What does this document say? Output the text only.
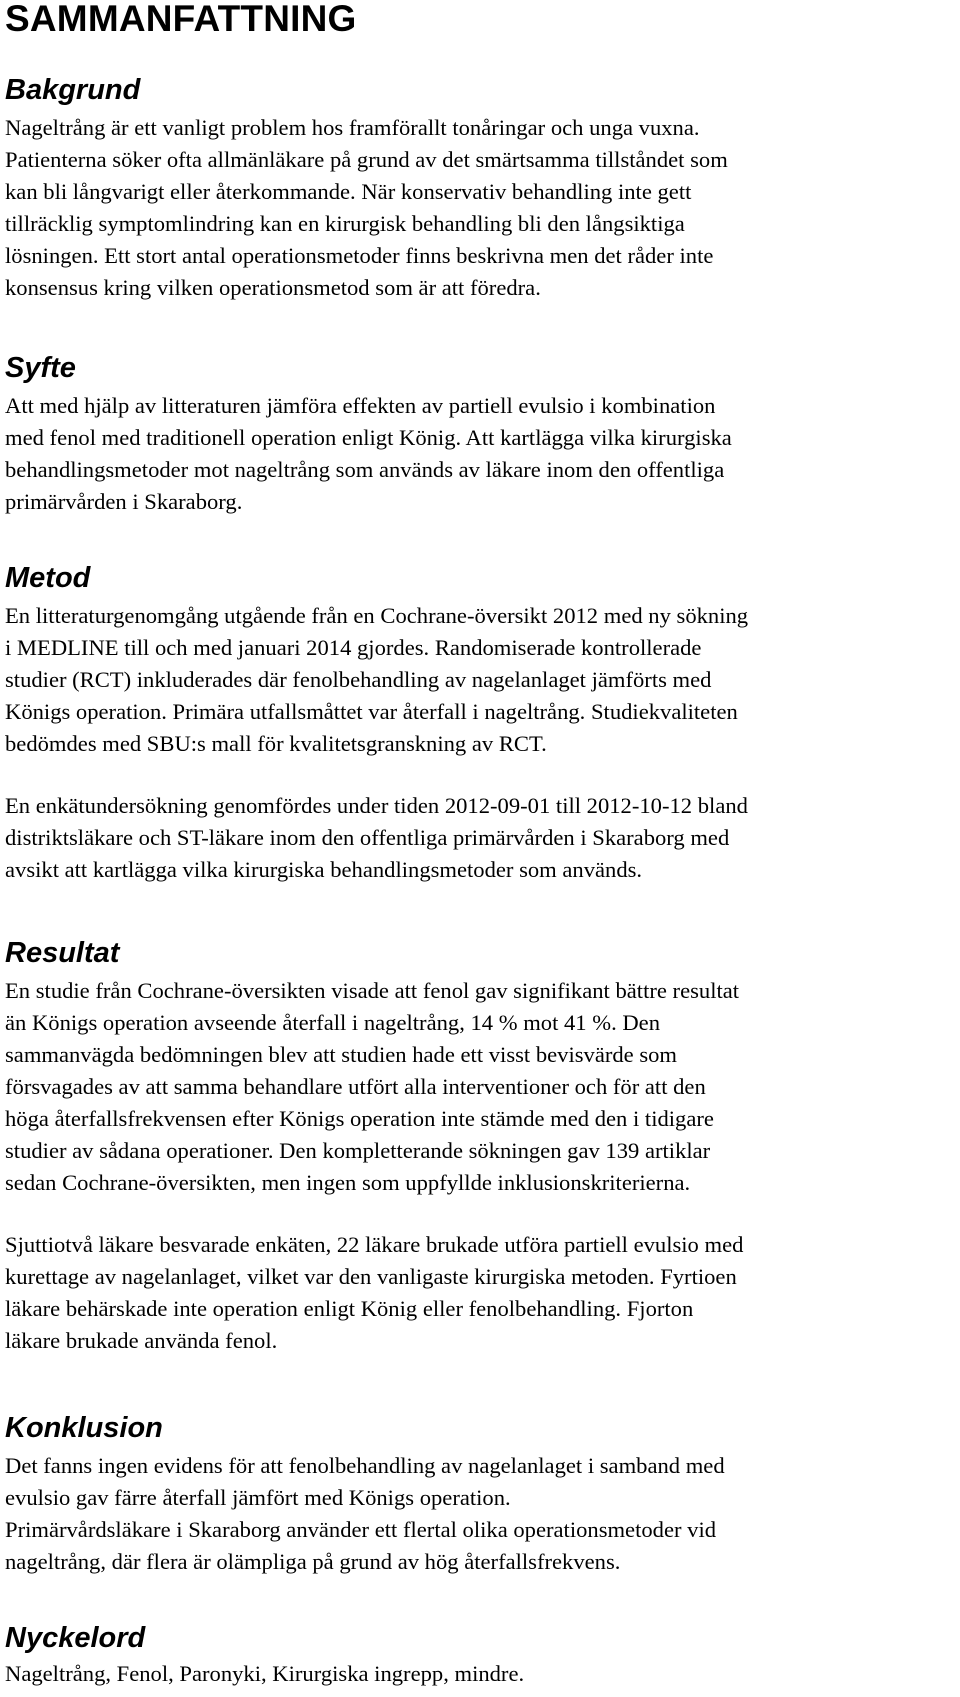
SAMMANFATTNING
Bakgrund

Nageltrång är ett vanligt problem hos framförallt tonåringar och unga vuxna.
Patienterna söker ofta allmänläkare på grund av det smärtsamma tillståndet som
kan bli långvarigt eller återkommande. När konservativ behandling inte gett
tillräcklig symptomlindring kan en kirurgisk behandling bli den långsiktiga
lösningen. Ett stort antal operationsmetoder finns beskrivna men det råder inte
konsensus kring vilken operationsmetod som är att föredra.

Syfte

Att med hjälp av litteraturen jämföra effekten av partiell evulsio i kombination
med fenol med traditionell operation enligt König. Att kartlägga vilka kirurgiska
behandlingsmetoder mot nageltrång som används av läkare inom den offentliga
primärvården i Skaraborg.

Metod

En litteraturgenomgång utgående från en Cochrane-översikt 2012 med ny sökning
i MEDLINE till och med januari 2014 gjordes. Randomiserade kontrollerade
studier (RCT) inkluderades där fenolbehandling av nagelanlaget jämförts med
Königs operation. Primära utfallsmåttet var återfall i nageltrång. Studiekvaliteten
bedömdes med SBU:s mall för kvalitetsgranskning av RCT.

En enkätundersökning genomfördes under tiden 2012-09-01 till 2012-10-12 bland
distriktsläkare och ST-läkare inom den offentliga primärvården i Skaraborg med
avsikt att kartlägga vilka kirurgiska behandlingsmetoder som används.

Resultat

En studie från Cochrane-översikten visade att fenol gav signifikant bättre resultat
än Königs operation avseende återfall i nageltrång, 14 % mot 41 %. Den
sammanvägda bedömningen blev att studien hade ett visst bevisvärde som
försvagades av att samma behandlare utfört alla interventioner och för att den
höga återfallsfrekvensen efter Königs operation inte stämde med den i tidigare
studier av sådana operationer. Den kompletterande sökningen gav 139 artiklar
sedan Cochrane-översikten, men ingen som uppfyllde inklusionskriterierna.

Sjuttiotvå läkare besvarade enkäten, 22 läkare brukade utföra partiell evulsio med
kurettage av nagelanlaget, vilket var den vanligaste kirurgiska metoden. Fyrtioen
läkare behärskade inte operation enligt König eller fenolbehandling. Fjorton
läkare brukade använda fenol.

Konklusion

Det fanns ingen evidens för att fenolbehandling av nagelanlaget i samband med
evulsio gav färre återfall jämfört med Königs operation.
Primärvårdsläkare i Skaraborg använder ett flertal olika operationsmetoder vid
nageltrång, där flera är olämpliga på grund av hög återfallsfrekvens.

Nyckelord

Nageltrång, Fenol, Paronyki, Kirurgiska ingrepp, mindre.
